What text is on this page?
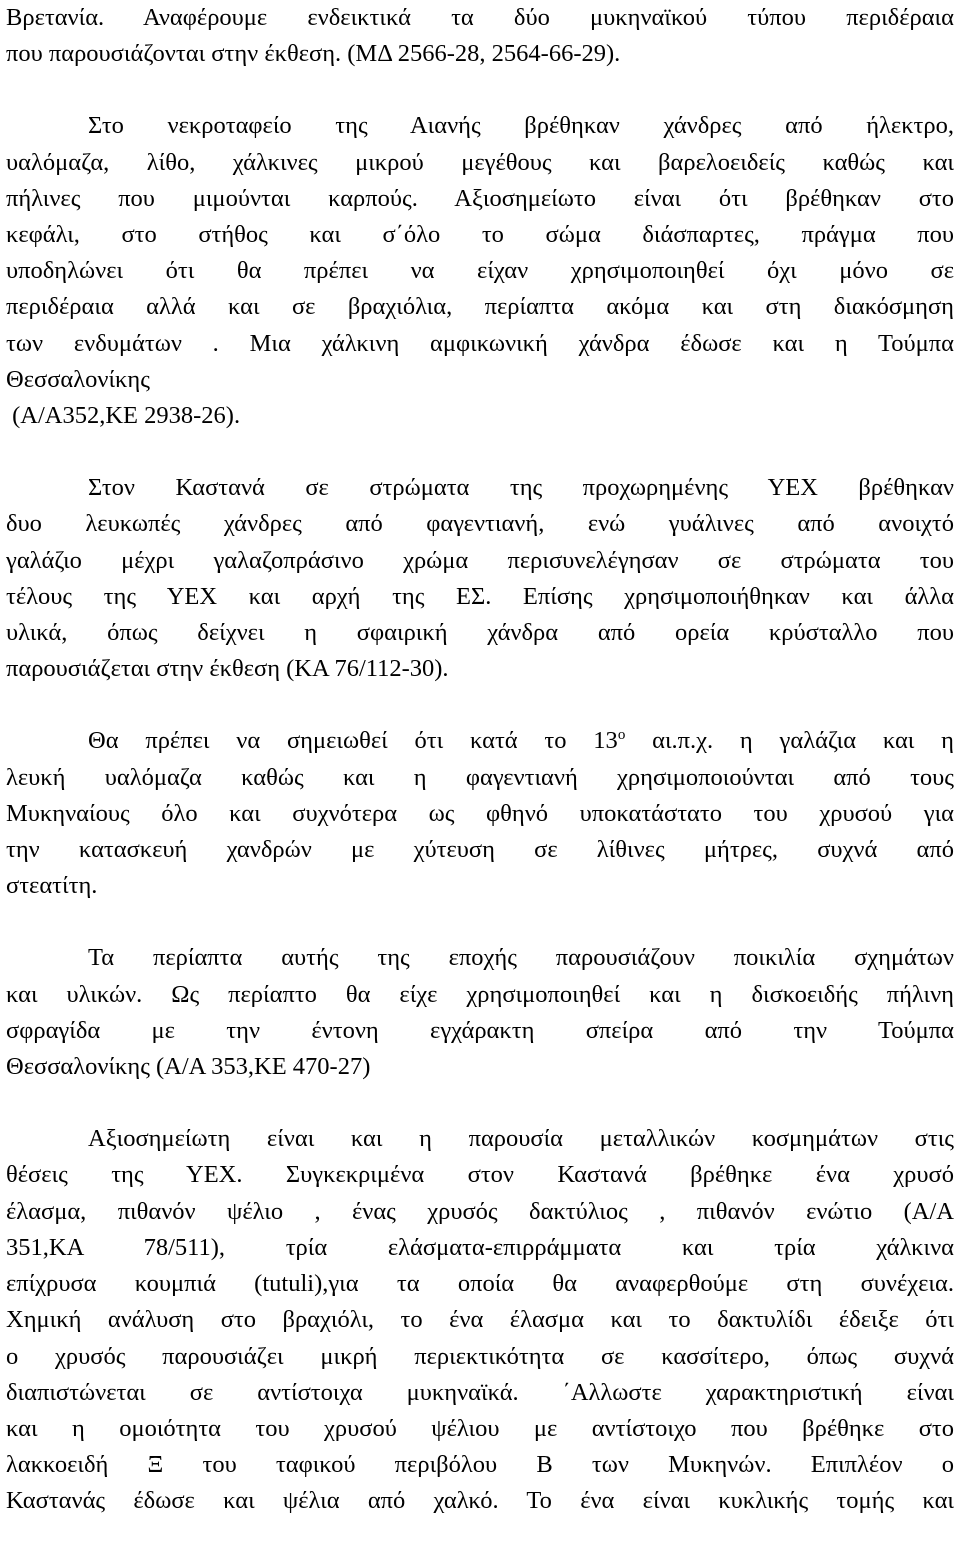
Βρετανία. Αναφέρουμε ενδεικτικά τα δύο μυκηναϊκού τύπου περιδέραια
που παρουσιάζονται στην έκθεση. (ΜΔ 2566-28, 2564-66-29).
Στο νεκροταφείο της Αιανής βρέθηκαν χάνδρες από ήλεκτρο,
υαλόμαζα, λίθο, χάλκινες μικρού μεγέθους και βαρελοειδείς καθώς και
πήλινες που μιμούνται καρπούς. Αξιοσημείωτο είναι ότι βρέθηκαν στο
κεφάλι, στο στήθος και σ΄όλο το σώμα διάσπαρτες, πράγμα που
υποδηλώνει ότι θα πρέπει να είχαν χρησιμοποιηθεί όχι μόνο σε
περιδέραια αλλά και σε βραχιόλια, περίαπτα ακόμα και στη διακόσμηση
των ενδυμάτων . Μια χάλκινη αμφικωνική χάνδρα έδωσε και η Τούμπα
Θεσσαλονίκης
(Α/Α352,ΚΕ 2938-26).
Στον Καστανά σε στρώματα της προχωρημένης ΥΕΧ βρέθηκαν
δυο λευκωπές χάνδρες από φαγεντιανή, ενώ γυάλινες από ανοιχτό
γαλάζιο μέχρι γαλαζοπράσινο χρώμα περισυνελέγησαν σε στρώματα του
τέλους της ΥΕΧ και αρχή της ΕΣ. Επίσης χρησιμοποιήθηκαν και άλλα
υλικά, όπως δείχνει η σφαιρική χάνδρα από ορεία κρύσταλλο που
παρουσιάζεται στην έκθεση (ΚΑ 76/112-30).
Θα πρέπει να σημειωθεί ότι κατά το $13^o$ αι.π.χ. η γαλάζια και η
λευκή υαλόμαζα καθώς και η φαγεντιανή χρησιμοποιούνται από τους
Μυκηναίους όλο και συχνότερα ως φθηνό υποκατάστατο του χρυσού για
την κατασκευή χανδρών με χύτευση σε λίθινες μήτρες, συχνά από
στεατίτη.
Τα περίαπτα αυτής της εποχής παρουσιάζουν ποικιλία σχημάτων
και υλικών. Ως περίαπτο θα είχε χρησιμοποιηθεί και η δισκοειδής πήλινη
σφραγίδα με την έντονη εγχάρακτη σπείρα από την Τούμπα
Θεσσαλονίκης (Α/Α 353,ΚΕ 470-27)
Αξιοσημείωτη είναι και η παρουσία μεταλλικών κοσμημάτων στις
θέσεις της ΥΕΧ. Συγκεκριμένα στον Καστανά βρέθηκε ένα χρυσό
έλασμα, πιθανόν ψέλιο , ένας χρυσός δακτύλιος , πιθανόν ενώτιο (Α/Α
351,ΚΑ 78/511), τρία ελάσματα-επιρράμματα και τρία χάλκινα
επίχρυσα κουμπιά (tutuli),για τα οποία θα αναφερθούμε στη συνέχεια.
Χημική ανάλυση στο βραχιόλι, το ένα έλασμα και το δακτυλίδι έδειξε ότι
ο χρυσός παρουσιάζει μικρή περιεκτικότητα σε κασσίτερο, όπως συχνά
διαπιστώνεται σε αντίστοιχα μυκηναϊκά. ΄Αλλωστε χαρακτηριστική είναι
και η ομοιότητα του χρυσού ψέλιου με αντίστοιχο που βρέθηκε στο
λακκοειδή Ξ του ταφικού περιβόλου Β των Μυκηνών. Επιπλέον ο
Καστανάς έδωσε και ψέλια από χαλκό. Το ένα είναι κυκλικής τομής και
